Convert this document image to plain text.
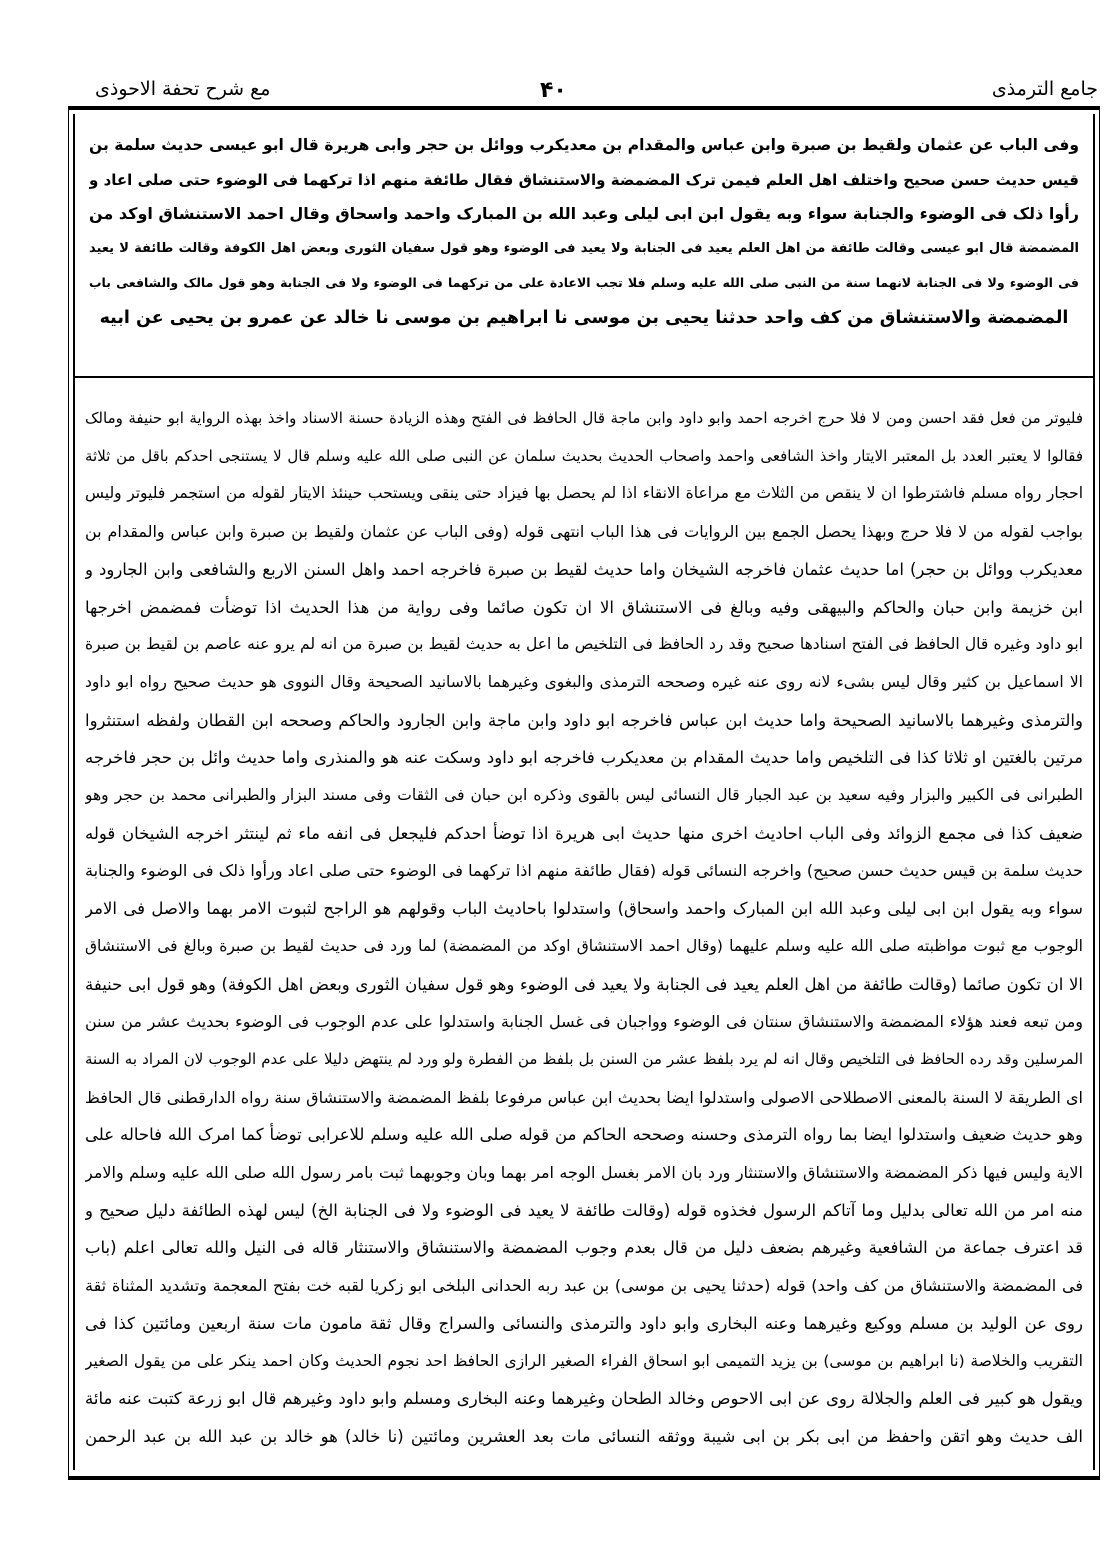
جامع الترمذی
۴۰
مع شرح تحفة الاحوذی
وفی الباب عن عثمان ولقیط بن صبرة وابن عباس والمقدام بن معدیکرب ووائل بن حجر وابی هریرة قال ابو عیسی حدیث سلمة بن
قیس حدیث حسن صحیح واختلف اهل العلم فیمن ترک المضمضة والاستنشاق فقال طائفة منهم اذا ترکهما فی الوضوء حتی صلی اعاد و
رأوا ذلک فی الوضوء والجنابة سواء وبه یقول ابن ابی لیلی وعبد الله بن المبارک واحمد واسحاق وقال احمد الاستنشاق اوکد من
المضمضة قال ابو عیسی وقالت طائفة من اهل العلم یعید فی الجنابة ولا یعید فی الوضوء وهو قول سفیان الثوری وبعض اهل الکوفة وقالت طائفة لا یعید
فی الوضوء ولا فی الجنابة لانهما سنة من النبی صلی الله علیه وسلم فلا تجب الاعادة علی من ترکهما فی الوضوء ولا فی الجنابة وهو قول مالک والشافعی باب
المضمضة والاستنشاق من کف واحد حدثنا یحیی بن موسی نا ابراهیم بن موسی نا خالد عن عمرو بن یحیی عن ابیه
فلیوتر من فعل فقد احسن ومن لا فلا حرج اخرجه احمد وابو داود وابن ماجة قال الحافظ فی الفتح وهذه الزیادة حسنة الاسناد واخذ بهذه الروایة ابو حنیفة ومالک
فقالوا لا یعتبر العدد بل المعتبر الایتار واخذ الشافعی واحمد واصحاب الحدیث بحدیث سلمان عن النبی صلی الله علیه وسلم قال لا یستنجی احدکم باقل من ثلاثة
احجار رواه مسلم فاشترطوا ان لا ینقص من الثلاث مع مراعاة الانقاء اذا لم یحصل بها فیزاد حتی ینقی ویستحب حینئذ الایتار لقوله من استجمر فلیوتر ولیس
بواجب لقوله من لا فلا حرج وبهذا یحصل الجمع بین الروایات فی هذا الباب انتهی قوله (وفی الباب عن عثمان ولقیط بن صبرة وابن عباس والمقدام بن
معدیکرب ووائل بن حجر) اما حدیث عثمان فاخرجه الشیخان واما حدیث لقیط بن صبرة فاخرجه احمد واهل السنن الاربع والشافعی وابن الجارود و
ابن خزیمة وابن حبان والحاکم والبیهقی وفیه وبالغ فی الاستنشاق الا ان تکون صائما وفی روایة من هذا الحدیث اذا توضأت فمضمض اخرجها
ابو داود وغیره قال الحافظ فی الفتح اسنادها صحیح وقد رد الحافظ فی التلخیص ما اعل به حدیث لقیط بن صبرة من انه لم یرو عنه عاصم بن لقیط بن صبرة
الا اسماعیل بن کثیر وقال لیس بشیء لانه روی عنه غیره وصححه الترمذی والبغوی وغیرهما بالاسانید الصحیحة وقال النووی هو حدیث صحیح رواه ابو داود
والترمذی وغیرهما بالاسانید الصحیحة واما حدیث ابن عباس فاخرجه ابو داود وابن ماجة وابن الجارود والحاکم وصححه ابن القطان ولفظه استنثروا
مرتین بالغتین او ثلاثا کذا فی التلخیص واما حدیث المقدام بن معدیکرب فاخرجه ابو داود وسکت عنه هو والمنذری واما حدیث وائل بن حجر فاخرجه
الطبرانی فی الکبیر والبزار وفیه سعید بن عبد الجبار قال النسائی لیس بالقوی وذکره ابن حبان فی الثقات وفی مسند البزار والطبرانی محمد بن حجر وهو
ضعیف کذا فی مجمع الزوائد وفی الباب احادیث اخری منها حدیث ابی هریرة اذا توضأ احدکم فلیجعل فی انفه ماء ثم لینتثر اخرجه الشیخان قوله
حدیث سلمة بن قیس حدیث حسن صحیح) واخرجه النسائی قوله (فقال طائفة منهم اذا ترکهما فی الوضوء حتی صلی اعاد ورأوا ذلک فی الوضوء والجنابة
سواء وبه یقول ابن ابی لیلی وعبد الله ابن المبارک واحمد واسحاق) واستدلوا باحادیث الباب وقولهم هو الراجح لثبوت الامر بهما والاصل فی الامر
الوجوب مع ثبوت مواظبته صلی الله علیه وسلم علیهما (وقال احمد الاستنشاق اوکد من المضمضة) لما ورد فی حدیث لقیط بن صبرة وبالغ فی الاستنشاق
الا ان تکون صائما (وقالت طائفة من اهل العلم یعید فی الجنابة ولا یعید فی الوضوء وهو قول سفیان الثوری وبعض اهل الکوفة) وهو قول ابی حنیفة
ومن تبعه فعند هؤلاء المضمضة والاستنشاق سنتان فی الوضوء وواجبان فی غسل الجنابة واستدلوا علی عدم الوجوب فی الوضوء بحدیث عشر من سنن
المرسلین وقد رده الحافظ فی التلخیص وقال انه لم یرد بلفظ عشر من السنن بل بلفظ من الفطرة ولو ورد لم ینتهض دلیلا علی عدم الوجوب لان المراد به السنة
ای الطریقة لا السنة بالمعنی الاصطلاحی الاصولی واستدلوا ایضا بحدیث ابن عباس مرفوعا بلفظ المضمضة والاستنشاق سنة رواه الدارقطنی قال الحافظ
وهو حدیث ضعیف واستدلوا ایضا بما رواه الترمذی وحسنه وصححه الحاکم من قوله صلی الله علیه وسلم للاعرابی توضأ کما امرک الله فاحاله علی
الایة ولیس فیها ذکر المضمضة والاستنشاق والاستنثار ورد بان الامر بغسل الوجه امر بهما وبان وجوبهما ثبت بامر رسول الله صلی الله علیه وسلم والامر
منه امر من الله تعالی بدلیل وما آتاکم الرسول فخذوه قوله (وقالت طائفة لا یعید فی الوضوء ولا فی الجنابة الخ) لیس لهذه الطائفة دلیل صحیح و
قد اعترف جماعة من الشافعیة وغیرهم بضعف دلیل من قال بعدم وجوب المضمضة والاستنشاق والاستنثار قاله فی النیل والله تعالی اعلم (باب
فی المضمضة والاستنشاق من کف واحد) قوله (حدثنا یحیی بن موسی) بن عبد ربه الحدانی البلخی ابو زکریا لقبه خت بفتح المعجمة وتشدید المثناة ثقة
روی عن الولید بن مسلم ووکیع وغیرهما وعنه البخاری وابو داود والترمذی والنسائی والسراج وقال ثقة مامون مات سنة اربعین ومائتین کذا فی
التقریب والخلاصة (نا ابراهیم بن موسی) بن یزید التمیمی ابو اسحاق الفراء الصغیر الرازی الحافظ احد نجوم الحدیث وکان احمد ینکر علی من یقول الصغیر
ویقول هو کبیر فی العلم والجلالة روی عن ابی الاحوص وخالد الطحان وغیرهما وعنه البخاری ومسلم وابو داود وغیرهم قال ابو زرعة کتبت عنه مائة
الف حدیث وهو اتقن واحفظ من ابی بکر بن ابی شیبة ووثقه النسائی مات بعد العشرین ومائتین (نا خالد) هو خالد بن عبد الله بن عبد الرحمن
